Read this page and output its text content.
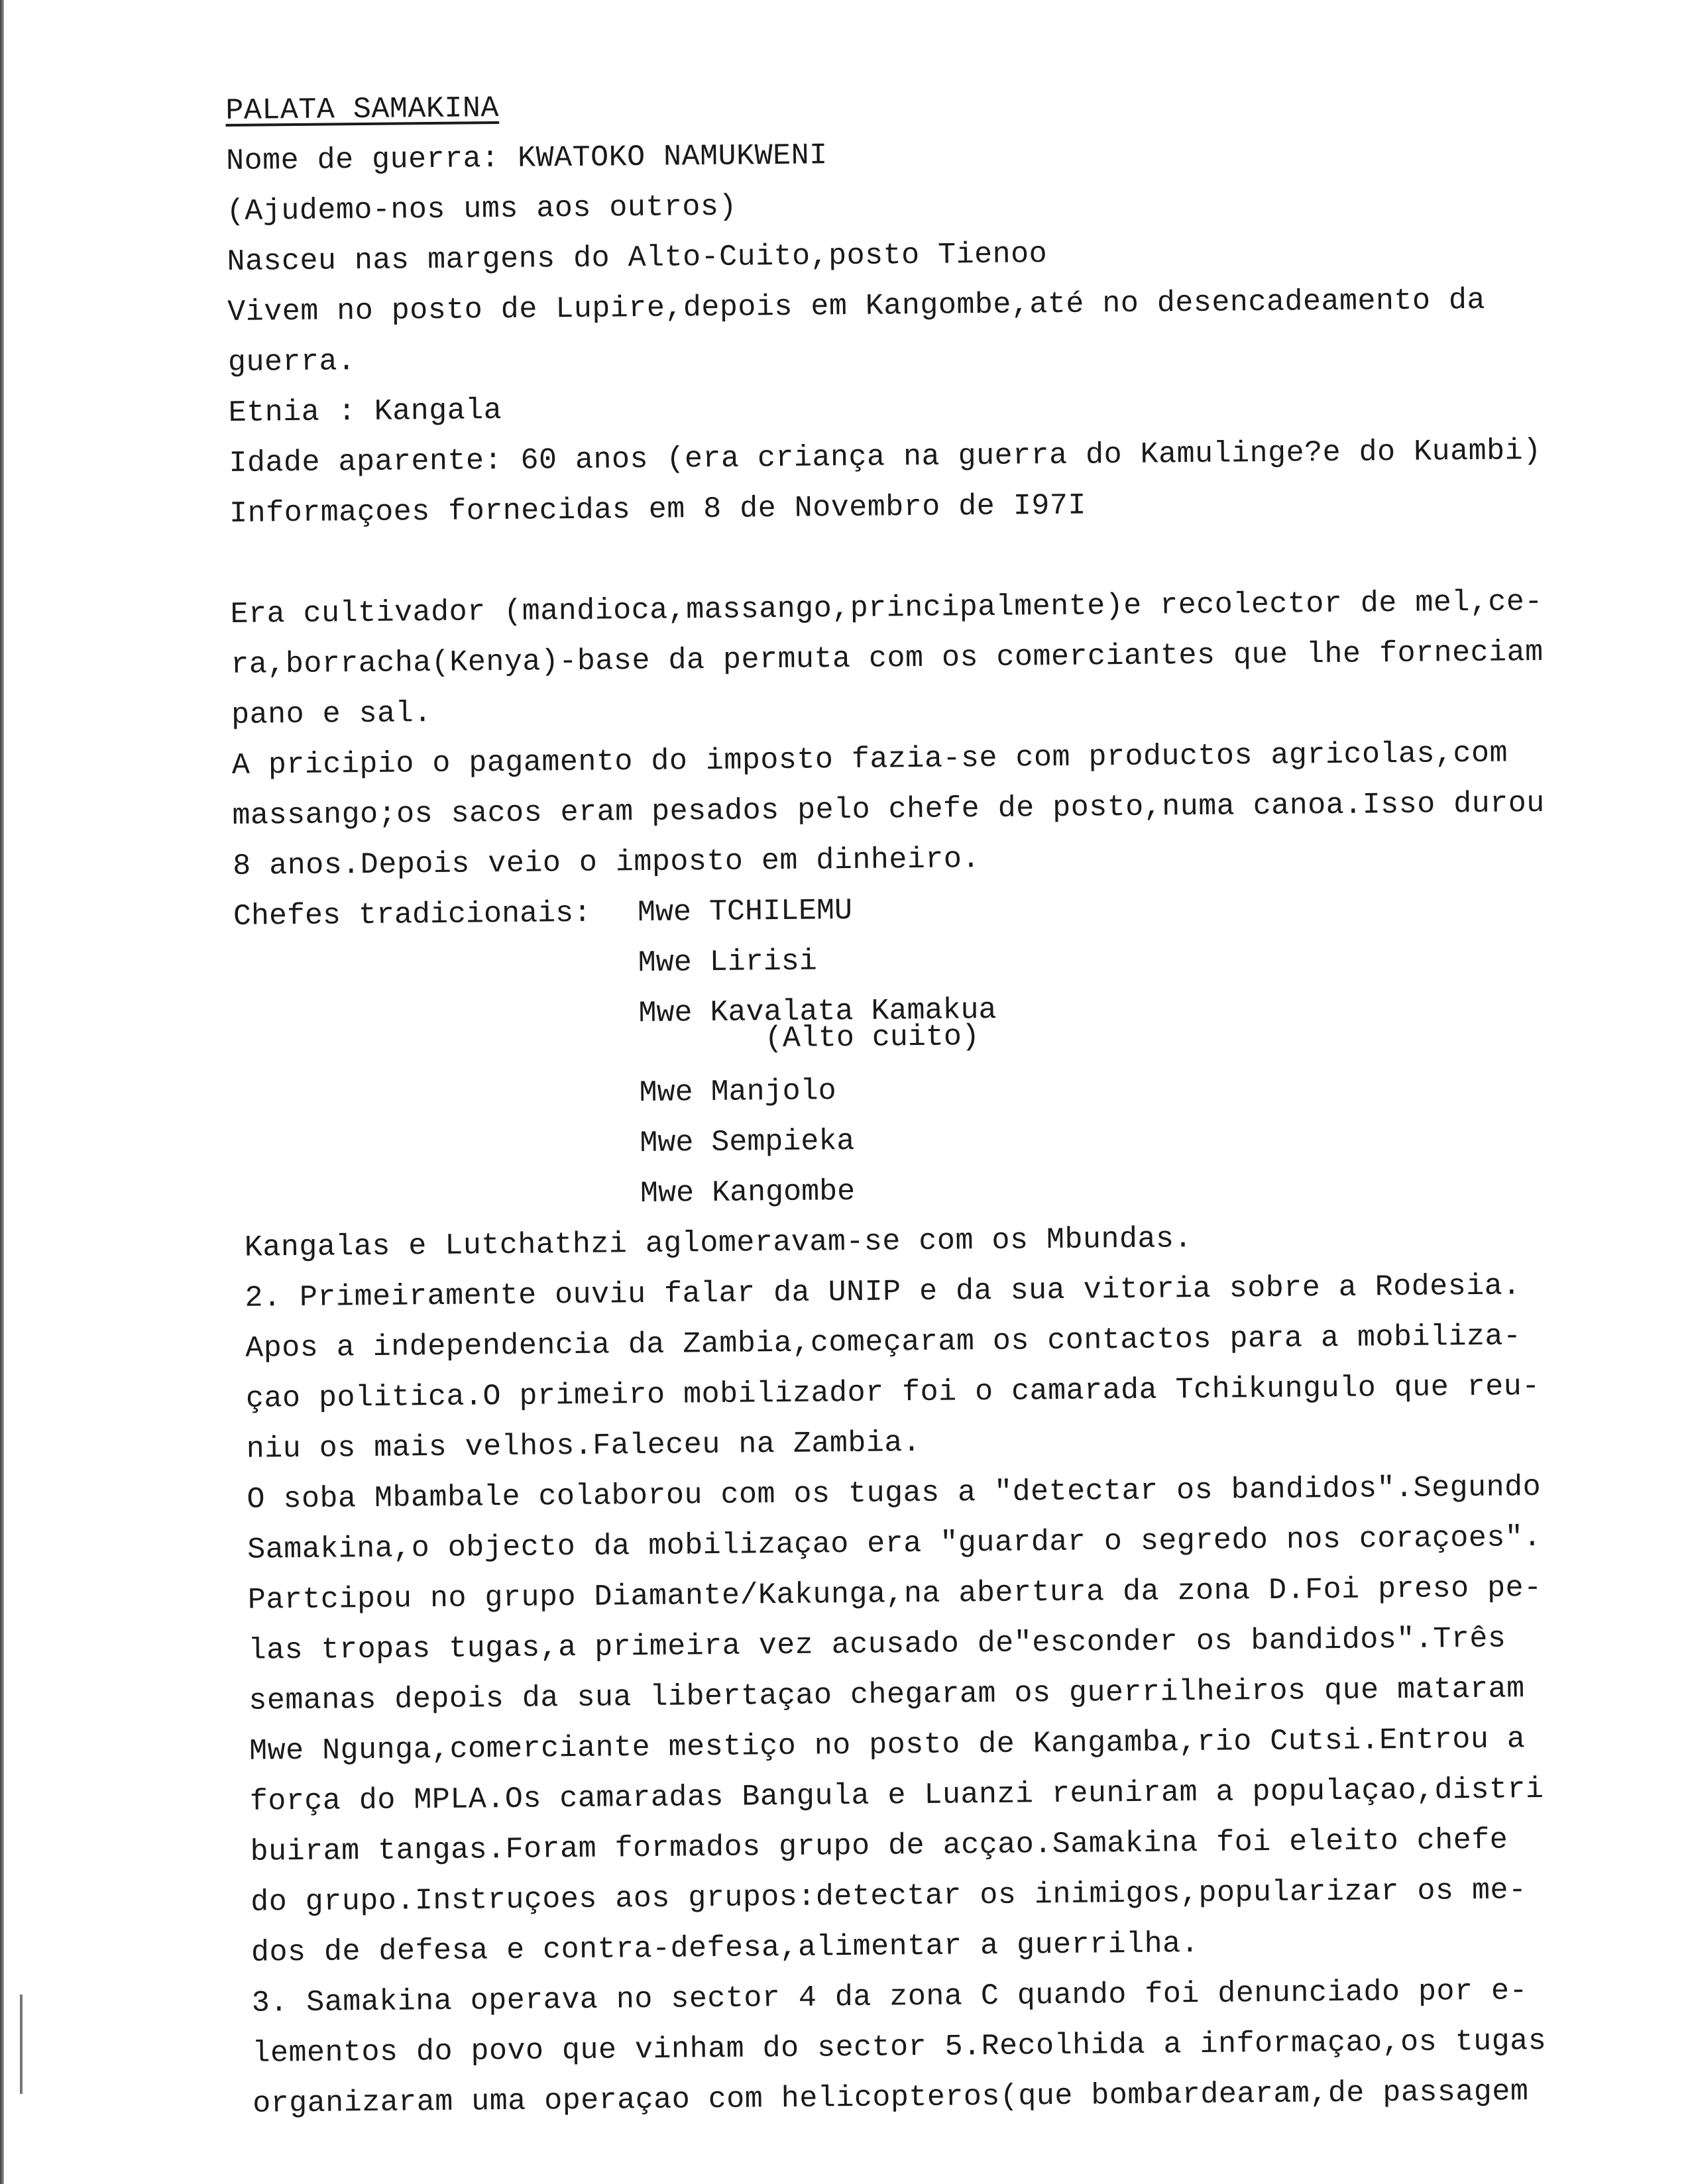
PALATA SAMAKINA
Nome de guerra: KWATOKO NAMUKWENI
(Ajudemo-nos ums aos outros)
Nasceu nas margens do Alto-Cuito,posto Tienoo
Vivem no posto de Lupire,depois em Kangombe,até no desencadeamento da
guerra.
Etnia : Kangala
Idade aparente: 60 anos (era criança na guerra do Kamulinge?e do Kuambi)
Informaçoes fornecidas em 8 de Novembro de I97I
Era cultivador (mandioca,massango,principalmente)e recolector de mel,ce-
ra,borracha(Kenya)-base da permuta com os comerciantes que lhe forneciam
pano e sal.
A pricipio o pagamento do imposto fazia-se com productos agricolas,com
massango;os sacos eram pesados pelo chefe de posto,numa canoa.Isso durou
8 anos.Depois veio o imposto em dinheiro.
Chefes tradicionais:	Mwe TCHILEMU
Mwe Lirisi
Mwe Kavalata Kamakua
(Alto cuito)
Mwe Manjolo
Mwe Sempieka
Mwe Kangombe
Kangalas e Lutchathzi aglomeravam-se com os Mbundas.
2. Primeiramente ouviu falar da UNIP e da sua vitoria sobre a Rodesia.
Apos a independencia da Zambia,começaram os contactos para a mobiliza-
çao politica.O primeiro mobilizador foi o camarada Tchikungulo que reu-
niu os mais velhos.Faleceu na Zambia.
O soba Mbambale colaborou com os tugas a "detectar os bandidos".Segundo
Samakina,o objecto da mobilizaçao era "guardar o segredo nos coraçoes".
Partcipou no grupo Diamante/Kakunga,na abertura da zona D.Foi preso pe-
las tropas tugas,a primeira vez acusado de"esconder os bandidos".Três
semanas depois da sua libertaçao chegaram os guerrilheiros que mataram
Mwe Ngunga,comerciante mestiço no posto de Kangamba,rio Cutsi.Entrou a
força do MPLA.Os camaradas Bangula e Luanzi reuniram a populaçao,distri
buiram tangas.Foram formados grupo de acçao.Samakina foi eleito chefe
do grupo.Instruçoes aos grupos:detectar os inimigos,popularizar os me-
dos de defesa e contra-defesa,alimentar a guerrilha.
3. Samakina operava no sector 4 da zona C quando foi denunciado por e-
lementos do povo que vinham do sector 5.Recolhida a informaçao,os tugas
organizaram uma operaçao com helicopteros(que bombardearam,de passagem
